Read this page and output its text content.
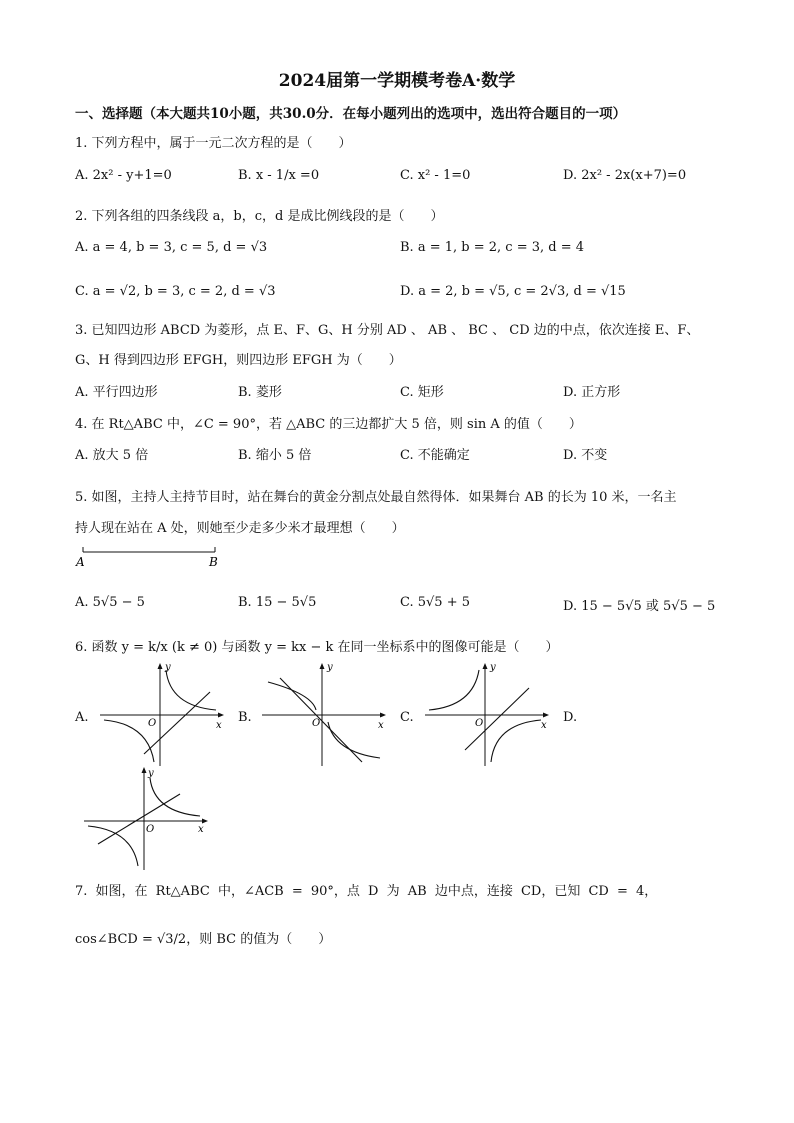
2024届第一学期模考卷A·数学
一、选择题（本大题共10小题，共30.0分．在每小题列出的选项中，选出符合题目的一项）
1. 下列方程中，属于一元二次方程的是（　　）
A. 2x² - y+1=0	B. x - 1/x =0	C. x² - 1=0	D. 2x² - 2x(x+7)=0
2. 下列各组的四条线段 a，b，c，d 是成比例线段的是（　　）
A. a = 4, b = 3, c = 5, d = √3	B. a = 1, b = 2, c = 3, d = 4
C. a = √2, b = 3, c = 2, d = √3	D. a = 2, b = √5, c = 2√3, d = √15
3. 已知四边形 ABCD 为菱形，点 E、F、G、H 分别 AD 、 AB 、 BC 、 CD 边的中点，依次连接 E、F、
G、H 得到四边形 EFGH，则四边形 EFGH 为（　　）
A. 平行四边形	B. 菱形	C. 矩形	D. 正方形
4. 在 Rt△ABC 中，∠C = 90°，若 △ABC 的三边都扩大 5 倍，则 sin A 的值（　　）
A. 放大 5 倍	B. 缩小 5 倍	C. 不能确定	D. 不变
5. 如图，主持人主持节目时，站在舞台的黄金分割点处最自然得体．如果舞台 AB 的长为 10 米，一名主
持人现在站在 A 处，则她至少走多少米才最理想（　　）
A	B
A. 5√5 − 5	B. 15 − 5√5	C. 5√5 + 5	D. 15 − 5√5 或 5√5 − 5
6. 函数 y = k/x (k ≠ 0) 与函数 y = kx − k 在同一坐标系中的图像可能是（　　）
A.	O	x
y
B.	O	x
y
C.	O	x
y
D.
O	x
y
7. 如图，在 Rt△ABC 中，∠ACB = 90°，点 D 为 AB 边中点，连接 CD，已知 CD = 4，
cos∠BCD = √3/2，则 BC 的值为（　　）
